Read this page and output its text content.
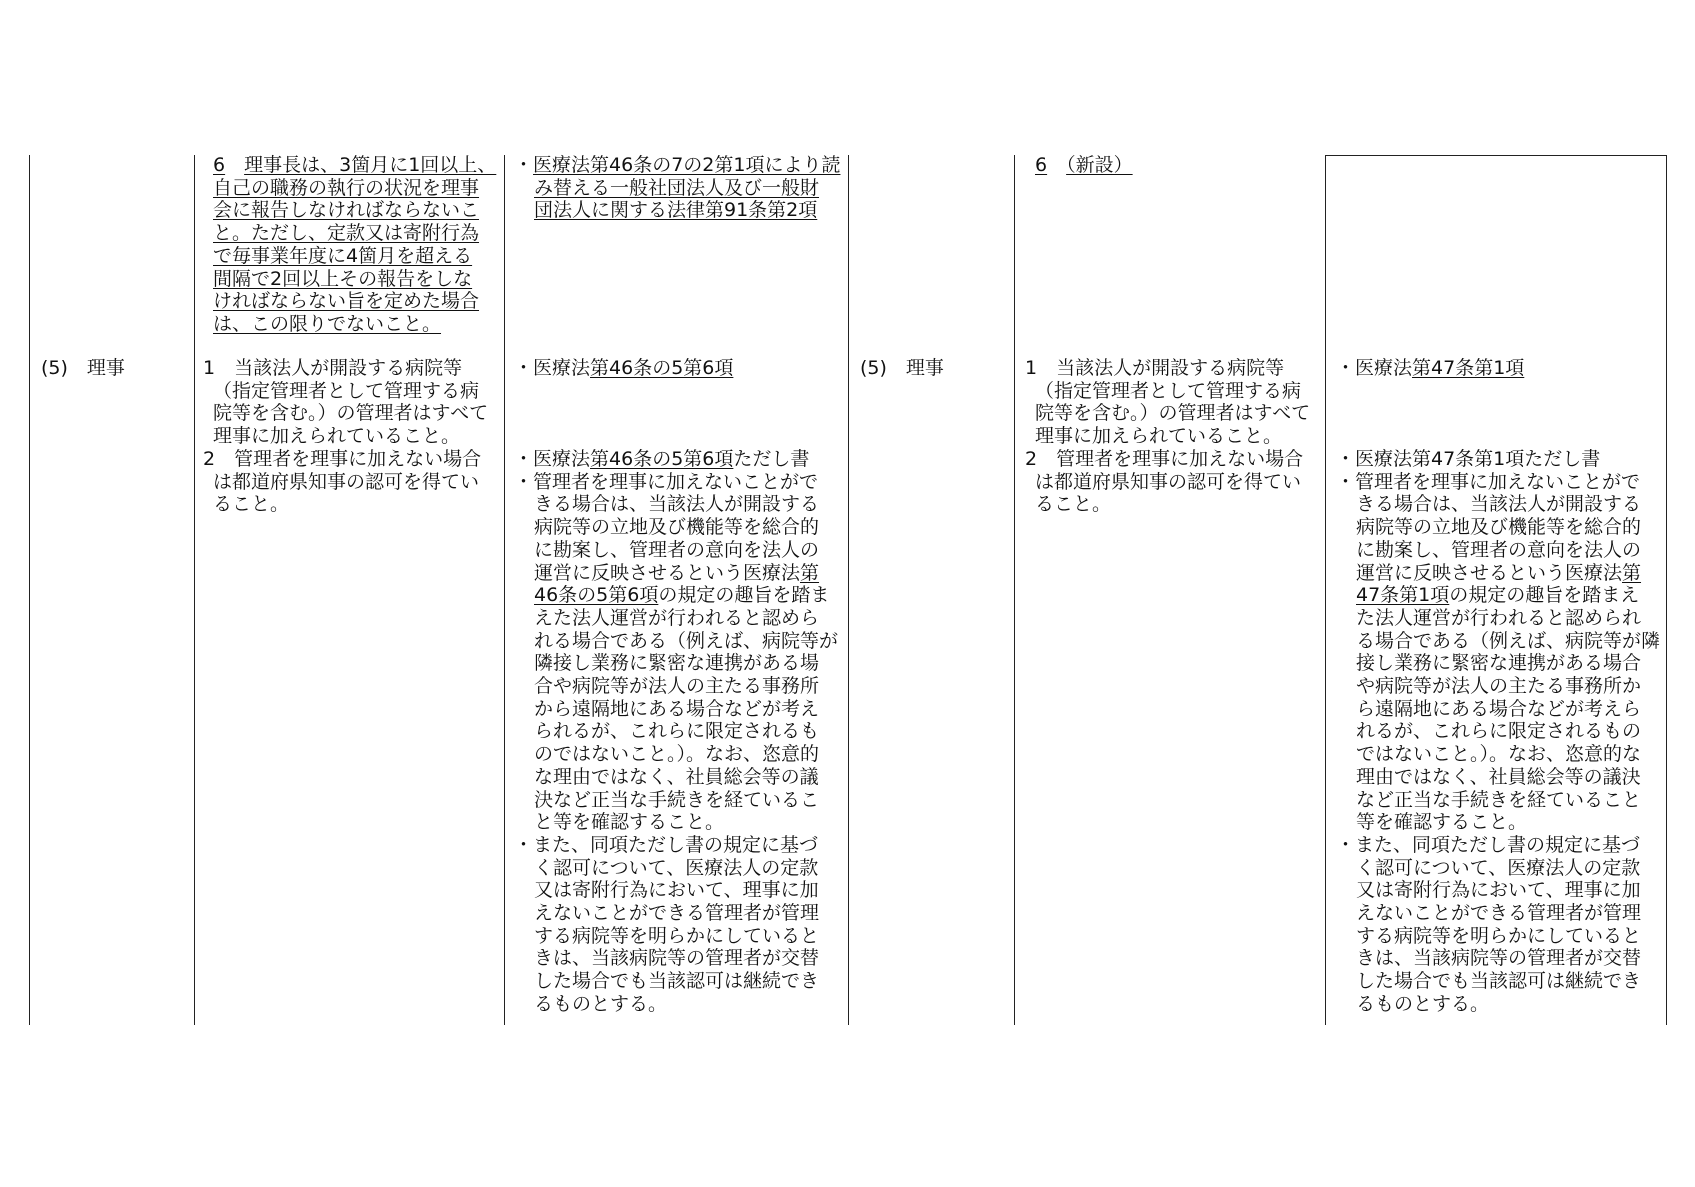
(5)　理事
6　 理事長は、3箇月に1回以上、
自己の職務の執行の状況を理事
会に報告しなければならないこ
と。ただし、定款又は寄附行為
で毎事業年度に4箇月を超える
間隔で2回以上その報告をしな
ければならない旨を定めた場合
は、この限りでないこと。
1　当該法人が開設する病院等
（指定管理者として管理する病
院等を含む。）の管理者はすべて
理事に加えられていること。
2　管理者を理事に加えない場合
は都道府県知事の認可を得てい
ること。
・医療法第46条の7の2第1項により読
み替える一般社団法人及び一般財
団法人に関する法律第91条第2項
・医療法第46条の5第6項
・医療法第46条の5第6項ただし書
・管理者を理事に加えないことがで
きる場合は、当該法人が開設する
病院等の立地及び機能等を総合的
に勘案し、管理者の意向を法人の
運営に反映させるという医療法第
46条の5第6項の規定の趣旨を踏ま
えた法人運営が行われると認めら
れる場合である（例えば、病院等が
隣接し業務に緊密な連携がある場
合や病院等が法人の主たる事務所
から遠隔地にある場合などが考え
られるが、これらに限定されるも
のではないこと。）。なお、恣意的
な理由ではなく、社員総会等の議
決など正当な手続きを経ているこ
と等を確認すること。
・また、同項ただし書の規定に基づ
く認可について、医療法人の定款
又は寄附行為において、理事に加
えないことができる管理者が管理
する病院等を明らかにしていると
きは、当該病院等の管理者が交替
した場合でも当該認可は継続でき
るものとする。
(5)　理事
6　 （新設）
1　当該法人が開設する病院等
（指定管理者として管理する病
院等を含む。）の管理者はすべて
理事に加えられていること。
2　管理者を理事に加えない場合
は都道府県知事の認可を得てい
ること。
・医療法第47条第1項
・医療法第47条第1項ただし書
・管理者を理事に加えないことがで
きる場合は、当該法人が開設する
病院等の立地及び機能等を総合的
に勘案し、管理者の意向を法人の
運営に反映させるという医療法第
47条第1項の規定の趣旨を踏まえ
た法人運営が行われると認められ
る場合である（例えば、病院等が隣
接し業務に緊密な連携がある場合
や病院等が法人の主たる事務所か
ら遠隔地にある場合などが考えら
れるが、これらに限定されるもの
ではないこと。）。なお、恣意的な
理由ではなく、社員総会等の議決
など正当な手続きを経ていること
等を確認すること。
・また、同項ただし書の規定に基づ
く認可について、医療法人の定款
又は寄附行為において、理事に加
えないことができる管理者が管理
する病院等を明らかにしていると
きは、当該病院等の管理者が交替
した場合でも当該認可は継続でき
るものとする。
